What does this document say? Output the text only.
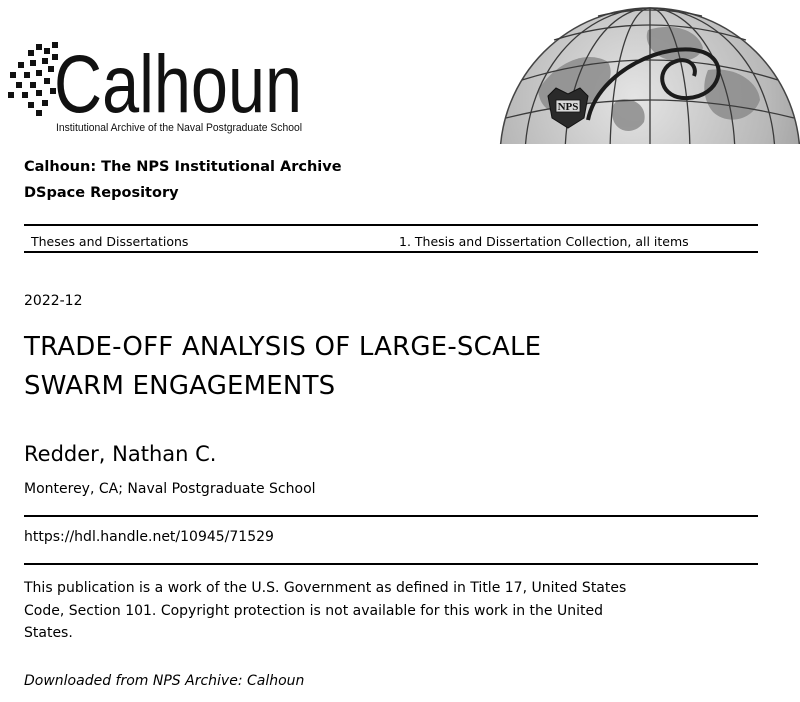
Calhoun
Institutional Archive of the Naval Postgraduate School
NPS
Calhoun: The NPS Institutional Archive
DSpace Repository
Theses and Dissertations	1. Thesis and Dissertation Collection, all items
2022-12
TRADE-OFF ANALYSIS OF LARGE-SCALE SWARM ENGAGEMENTS
Redder, Nathan C.
Monterey, CA; Naval Postgraduate School
https://hdl.handle.net/10945/71529
This publication is a work of the U.S. Government as defined in Title 17, United States Code, Section 101. Copyright protection is not available for this work in the United States.
Downloaded from NPS Archive: Calhoun
